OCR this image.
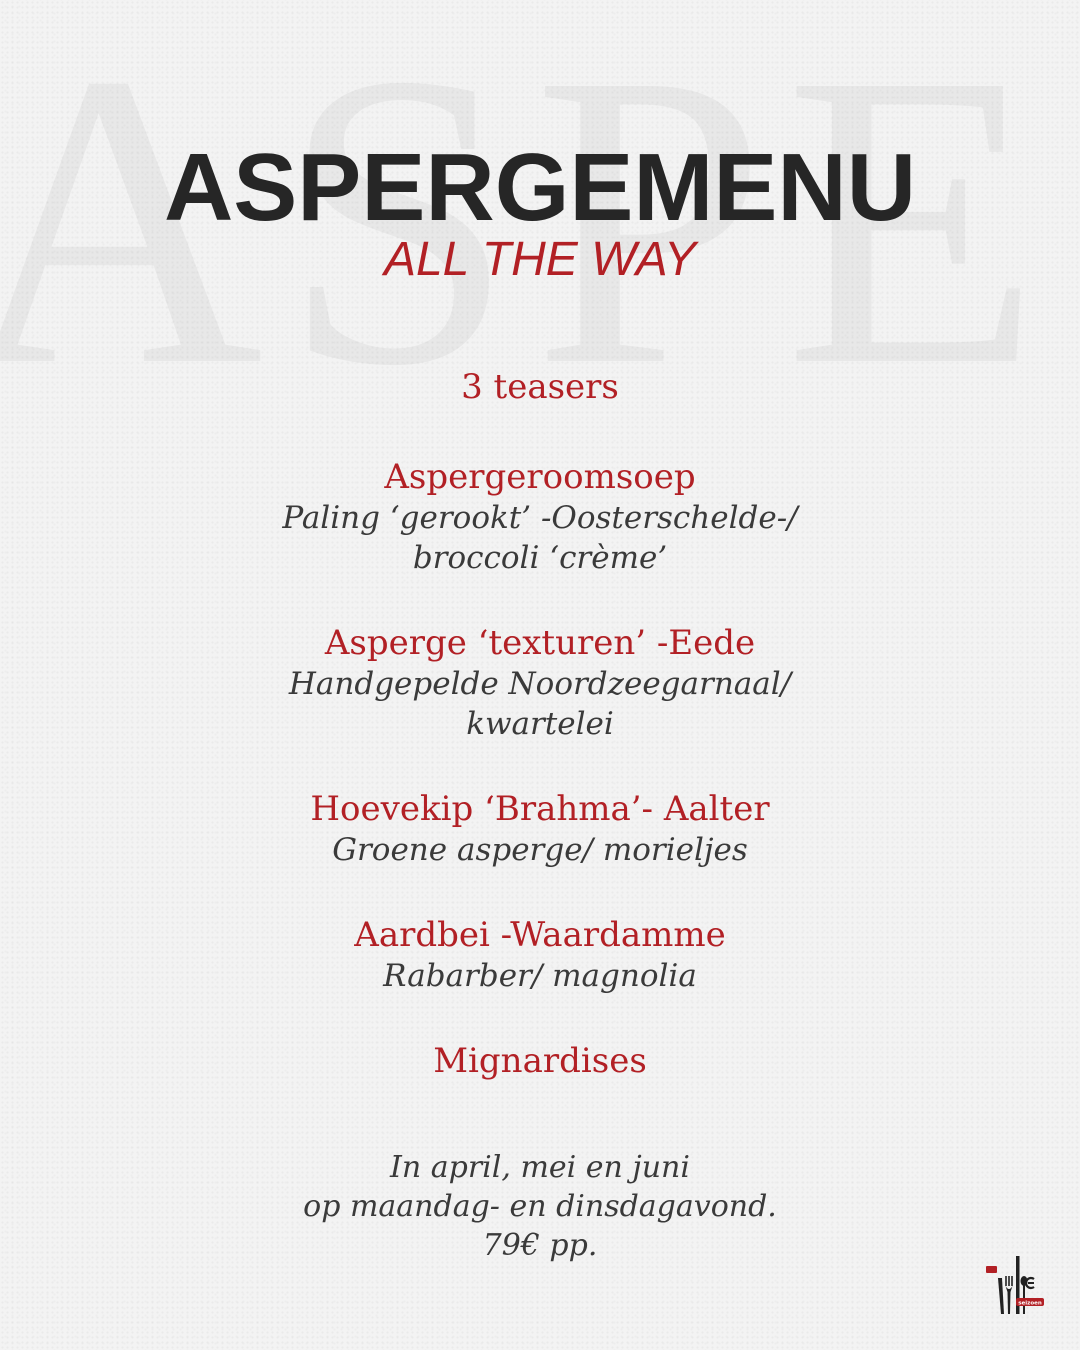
ASPERGEMENU
ALL THE WAY
3 teasers
Aspergeroomsoep
Paling ‘gerookt’ -Oosterschelde-/
broccoli ‘crème’
Asperge ‘texturen’ -Eede
Handgepelde Noordzeegarnaal/
kwartelei
Hoevekip ‘Brahma’- Aalter
Groene asperge/ morieljes
Aardbei -Waardamme
Rabarber/ magnolia
Mignardises
In april, mei en juni
op maandag- en dinsdagavond.
79€ pp.
seizoen
